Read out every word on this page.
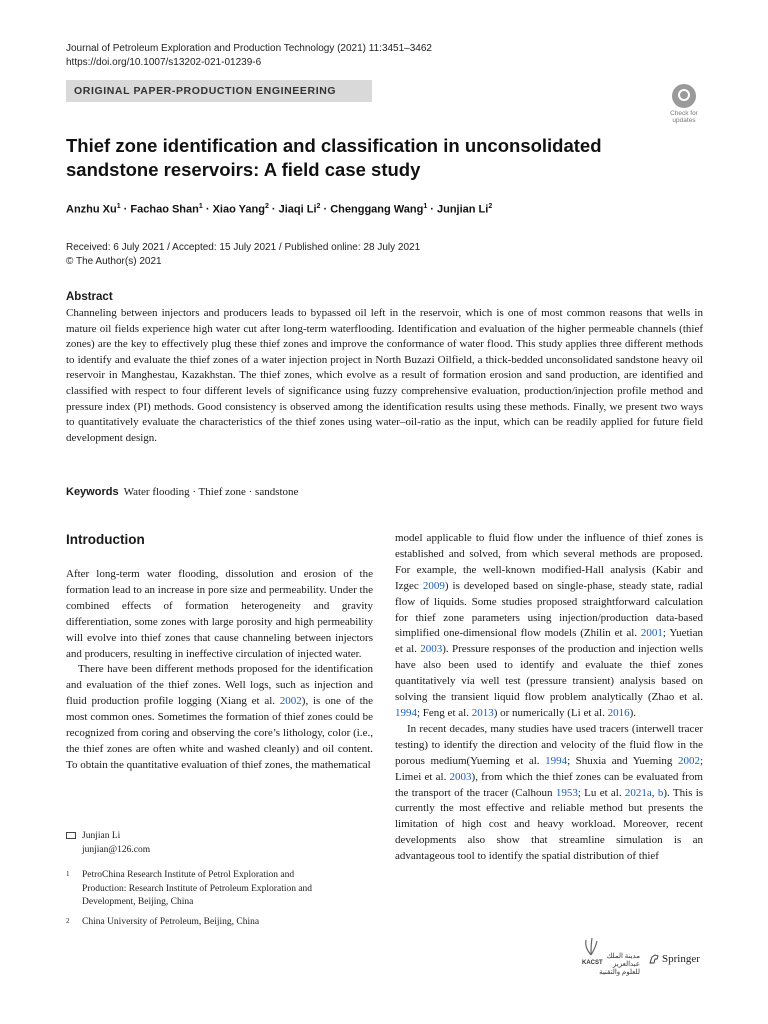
Journal of Petroleum Exploration and Production Technology (2021) 11:3451–3462
https://doi.org/10.1007/s13202-021-01239-6
ORIGINAL PAPER-PRODUCTION ENGINEERING
Check for updates
Thief zone identification and classification in unconsolidated sandstone reservoirs: A field case study
Anzhu $Xu^1$ · Fachao Shan$^1$ · Xiao Yang$^2$ · Jiaqi $Li^2$ · Chenggang Wang$^1$ · Junjian Li$^2$
Received: 6 July 2021 / Accepted: 15 July 2021 / Published online: 28 July 2021
© The Author(s) 2021
Abstract
Channeling between injectors and producers leads to bypassed oil left in the reservoir, which is one of most common reasons that wells in mature oil fields experience high water cut after long-term waterflooding. Identification and evaluation of the higher permeable channels (thief zones) are the key to effectively plug these thief zones and improve the conformance of water flood. This study applies three different methods to identify and evaluate the thief zones of a water injection project in North Buzazi Oilfield, a thick-bedded unconsolidated sandstone heavy oil reservoir in Manghestau, Kazakhstan. The thief zones, which evolve as a result of formation erosion and sand production, are identified and classified with respect to four different levels of significance using fuzzy comprehensive evaluation, production/injection profile method and pressure index (PI) methods. Good consistency is observed among the identification results using these methods. Finally, we present two ways to quantitatively evaluate the characteristics of the thief zones using water–oil-ratio as the input, which can be readily applied for future field development design.
Keywords Water flooding · Thief zone · sandstone
Introduction

After long-term water flooding, dissolution and erosion of the formation lead to an increase in pore size and permeability. Under the combined effects of formation heterogeneity and gravity differentiation, some zones with large porosity and high permeability will evolve into thief zones that cause channeling between injectors and producers, resulting in ineffective circulation of injected water.

There have been different methods proposed for the identification and evaluation of the thief zones. Well logs, such as injection and fluid production profile logging (Xiang et al. 2002), is one of the most common ones. Sometimes the formation of thief zones could be recognized from coring and observing the core’s lithology, color (i.e., the thief zones are often white and washed cleanly) and oil content. To obtain the quantitative evaluation of thief zones, the mathematical

model applicable to fluid flow under the influence of thief zones is established and solved, from which several methods are proposed. For example, the well-known modified-Hall analysis (Kabir and Izgec 2009) is developed based on single-phase, steady state, radial flow of liquids. Some studies proposed straightforward calculation for thief zone parameters using injection/production data-based simplified one-dimensional flow models (Zhilin et al. 2001; Yuetian et al. 2003). Pressure responses of the production and injection wells have also been used to identify and evaluate the thief zones quantitatively via well test (pressure transient) analysis based on solving the transient liquid flow problem analytically (Zhao et al. 1994; Feng et al. 2013) or numerically (Li et al. 2016).

In recent decades, many studies have used tracers (interwell tracer testing) to identify the direction and velocity of the fluid flow in the porous medium(Yueming et al. 1994; Shuxia and Yueming 2002; Limei et al. 2003), from which the thief zones can be evaluated from the transport of the tracer (Calhoun 1953; Lu et al. 2021a, b). This is currently the most effective and reliable method but presents the limitation of high cost and heavy workload. Moreover, recent developments also show that streamline simulation is an advantageous tool to identify the spatial distribution of thief

Junjian Li
junjian@126.com
1 PetroChina Research Institute of Petrol Exploration and Production: Research Institute of Petroleum Exploration and Development, Beijing, China
2 China University of Petroleum, Beijing, China
مدينة الملك عبدالعزيز للعلوم والتقنية
KACST	Springer
